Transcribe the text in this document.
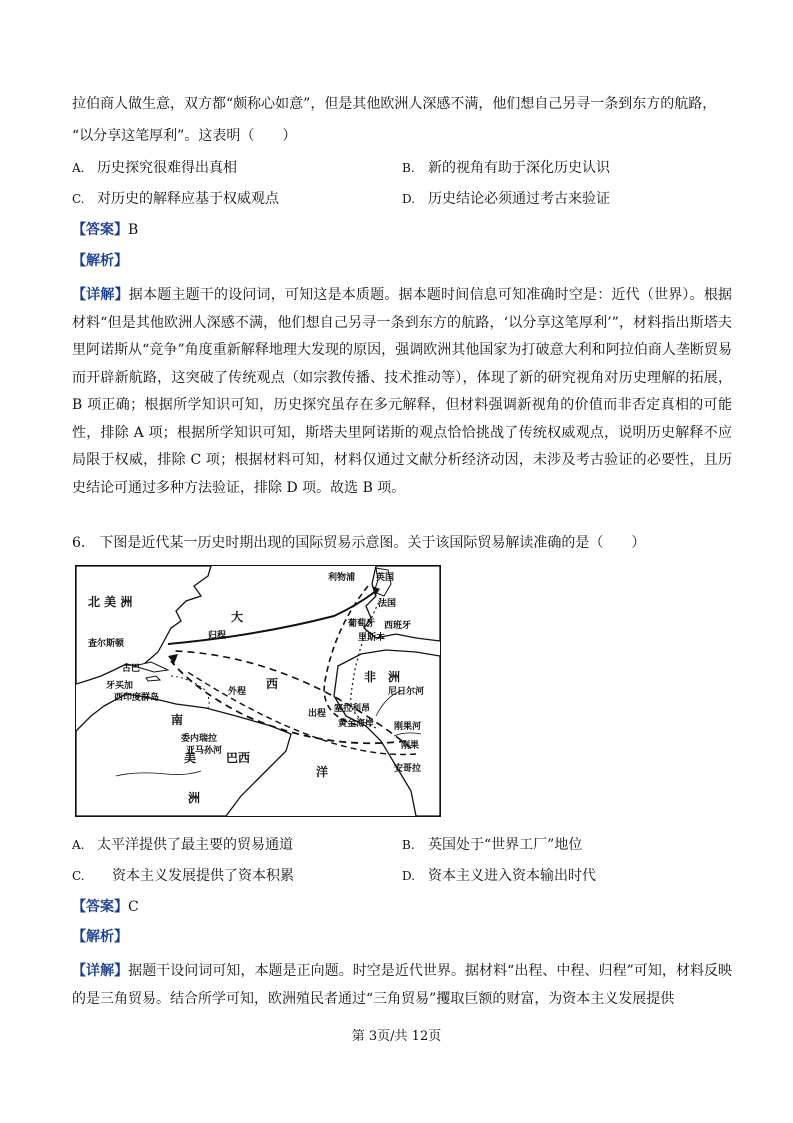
拉伯商人做生意，双方都“颇称心如意”，但是其他欧洲人深感不满，他们想自己另寻一条到东方的航路，
“以分享这笔厚利”。这表明（　　）
A. 历史探究很难得出真相	B. 新的视角有助于深化历史认识
C. 对历史的解释应基于权威观点	D. 历史结论必须通过考古来验证
【答案】B
【解析】
【详解】据本题主题干的设问词，可知这是本质题。据本题时间信息可知准确时空是：近代（世界）。根据材料“但是其他欧洲人深感不满，他们想自己另寻一条到东方的航路，‘以分享这笔厚利’”，材料指出斯塔夫里阿诺斯从“竞争”角度重新解释地理大发现的原因，强调欧洲其他国家为打破意大利和阿拉伯商人垄断贸易而开辟新航路，这突破了传统观点（如宗教传播、技术推动等），体现了新的研究视角对历史理解的拓展，B 项正确；根据所学知识可知，历史探究虽存在多元解释，但材料强调新视角的价值而非否定真相的可能性，排除 A 项；根据所学知识可知，斯塔夫里阿诺斯的观点恰恰挑战了传统权威观点，说明历史解释不应局限于权威，排除 C 项；根据材料可知，材料仅通过文献分析经济动因，未涉及考古验证的必要性，且历史结论可通过多种方法验证，排除 D 项。故选 B 项。
6.　下图是近代某一历史时期出现的国际贸易示意图。关于该国际贸易解读准确的是（　　）
北 美 洲
大
西
洋
利物浦 英国
法国
葡萄牙 西班牙
里斯本
查尔斯顿
古巴
牙买加
西印度群岛
归程
出程
外程
非　洲
塞拉利昂
黄金海岸
尼日尔河
刚果河
刚果
安哥拉
南
美
洲
委内瑞拉
亚马孙河 巴西
A. 太平洋提供了最主要的贸易通道	B. 英国处于“世界工厂”地位
C. 资本主义发展提供了资本积累	D. 资本主义进入资本输出时代
【答案】C
【解析】
【详解】据题干设问词可知，本题是正向题。时空是近代世界。据材料“出程、中程、归程”可知，材料反映的是三角贸易。结合所学可知，欧洲殖民者通过“三角贸易”攫取巨额的财富，为资本主义发展提供
第 3页/共 12页
